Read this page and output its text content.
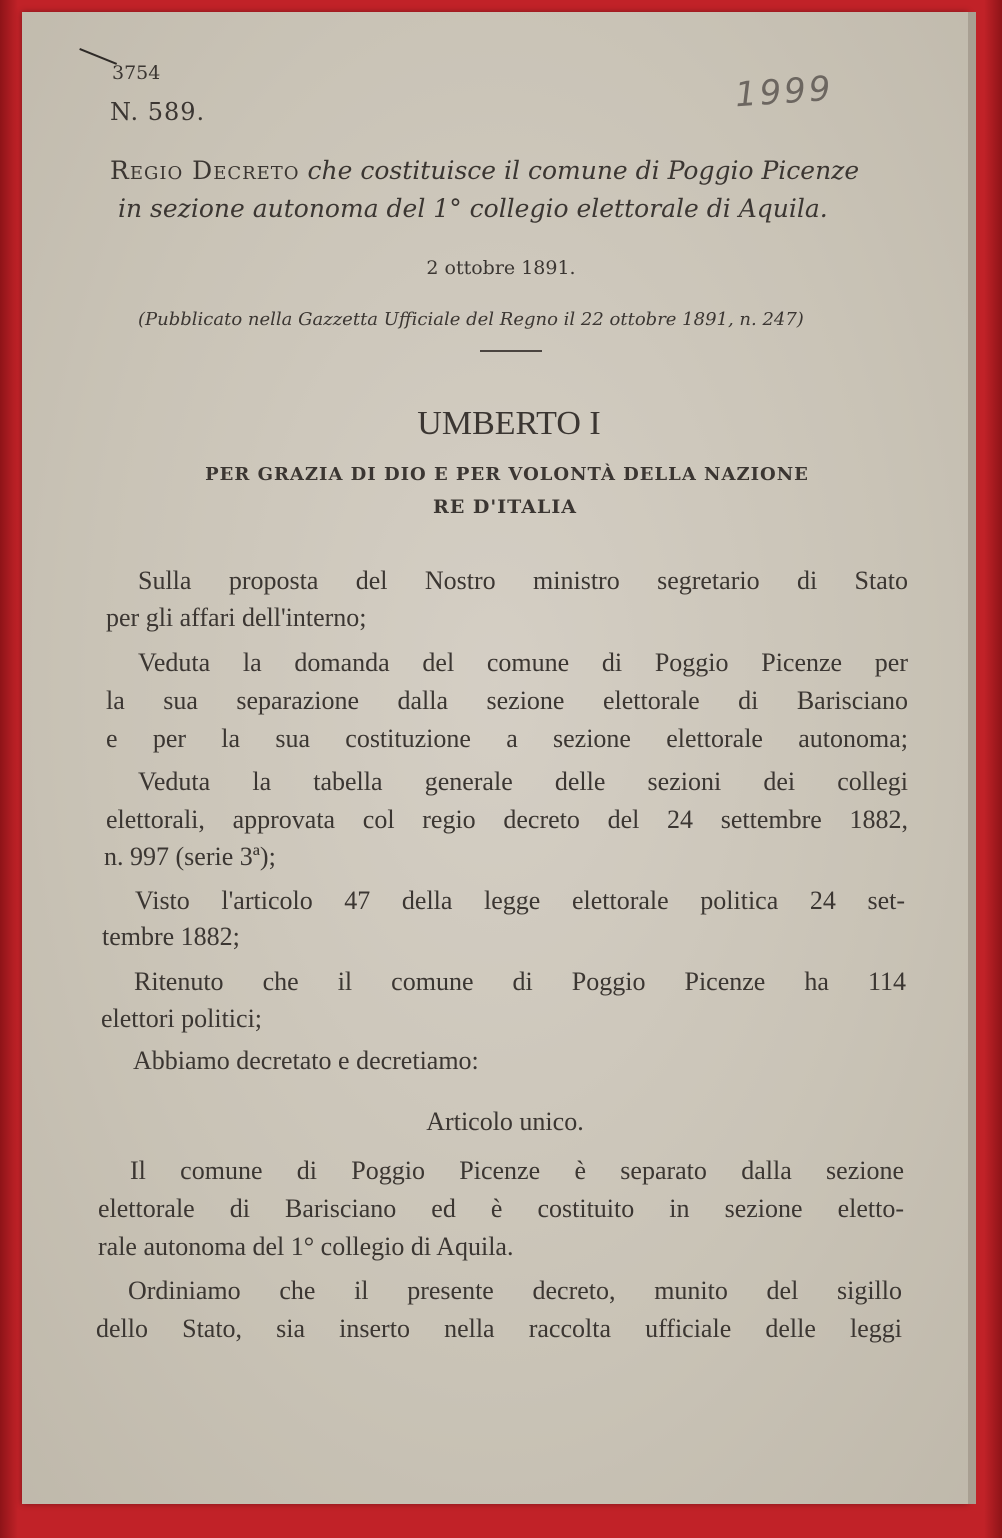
3754
N. 589.	1999
Regio Decreto che costituisce il comune di Poggio Picenze
in sezione autonoma del 1° collegio elettorale di Aquila.
2 ottobre 1891.
(Pubblicato nella Gazzetta Ufficiale del Regno il 22 ottobre 1891, n. 247)
UMBERTO I
PER GRAZIA DI DIO E PER VOLONTÀ DELLA NAZIONE
RE D'ITALIA
Sulla proposta del Nostro ministro segretario di Stato
per gli affari dell'interno;
Veduta la domanda del comune di Poggio Picenze per
la sua separazione dalla sezione elettorale di Barisciano
e per la sua costituzione a sezione elettorale autonoma;
Veduta la tabella generale delle sezioni dei collegi
elettorali, approvata col regio decreto del 24 settembre 1882,
n. 997 (serie 3ª);
Visto l'articolo 47 della legge elettorale politica 24 set-
tembre 1882;
Ritenuto che il comune di Poggio Picenze ha 114
elettori politici;
Abbiamo decretato e decretiamo:
Articolo unico.
Il comune di Poggio Picenze è separato dalla sezione
elettorale di Barisciano ed è costituito in sezione eletto-
rale autonoma del 1° collegio di Aquila.
Ordiniamo che il presente decreto, munito del sigillo
dello Stato, sia inserto nella raccolta ufficiale delle leggi
